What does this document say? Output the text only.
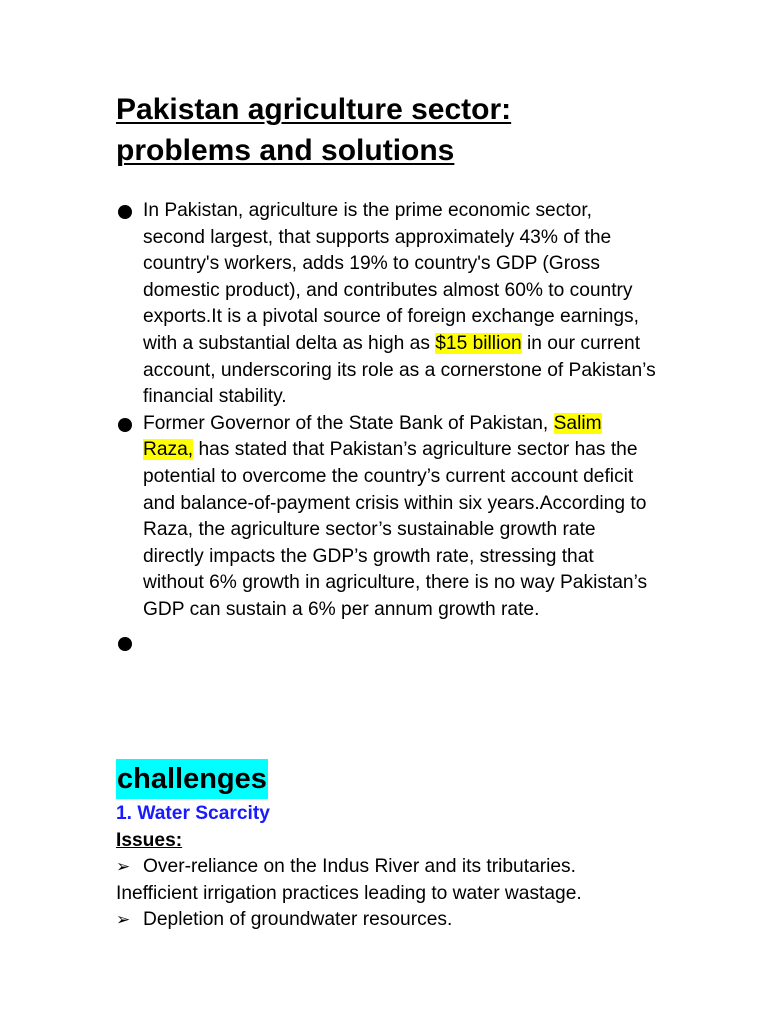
Pakistan agriculture sector:
problems and solutions
In Pakistan, agriculture is the prime economic sector, second largest, that supports approximately 43% of the country's workers, adds 19% to country's GDP (Gross domestic product), and contributes almost 60% to country exports.It is a pivotal source of foreign exchange earnings, with a substantial delta as high as $15 billion in our current account, underscoring its role as a cornerstone of Pakistan’s financial stability.
Former Governor of the State Bank of Pakistan, Salim Raza, has stated that Pakistan’s agriculture sector has the potential to overcome the country’s current account deficit and balance-of-payment crisis within six years.According to Raza, the agriculture sector’s sustainable growth rate directly impacts the GDP’s growth rate, stressing that without 6% growth in agriculture, there is no way Pakistan’s GDP can sustain a 6% per annum growth rate.
challenges
1. Water Scarcity
Issues:
➢ Over-reliance on the Indus River and its tributaries.
Inefficient irrigation practices leading to water wastage.
➢ Depletion of groundwater resources.
